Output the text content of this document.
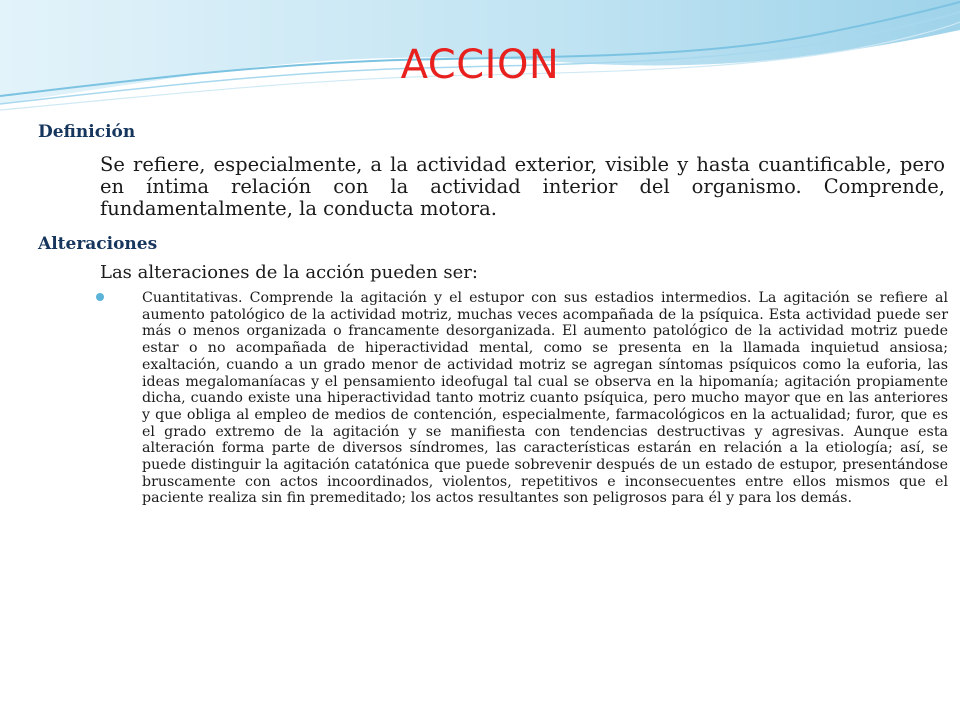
ACCION
Definición
Se refiere, especialmente, a la actividad exterior, visible y hasta cuantificable, pero en íntima relación con la actividad interior del organismo. Comprende, fundamentalmente, la conducta motora.
Alteraciones
Las alteraciones de la acción pueden ser:
Cuantitativas. Comprende la agitación y el estupor con sus estadios intermedios. La agitación se refiere al aumento patológico de la actividad motriz, muchas veces acompañada de la psíquica. Esta actividad puede ser más o menos organizada o francamente desorganizada. El aumento patológico de la actividad motriz puede estar o no acompañada de hiperactividad mental, como se presenta en la llamada inquietud ansiosa; exaltación, cuando a un grado menor de actividad motriz se agregan síntomas psíquicos como la euforia, las ideas megalomaníacas y el pensamiento ideofugal tal cual se observa en la hipomanía; agitación propiamente dicha, cuando existe una hiperactividad tanto motriz cuanto psíquica, pero mucho mayor que en las anteriores y que obliga al empleo de medios de contención, especialmente, farmacológicos en la actualidad; furor, que es el grado extremo de la agitación y se manifiesta con tendencias destructivas y agresivas. Aunque esta alteración forma parte de diversos síndromes, las características estarán en relación a la etiología; así, se puede distinguir la agitación catatónica que puede sobrevenir después de un estado de estupor, presentándose bruscamente con actos incoordinados, violentos, repetitivos e inconsecuentes entre ellos mismos que el paciente realiza sin fin premeditado; los actos resultantes son peligrosos para él y para los demás.
